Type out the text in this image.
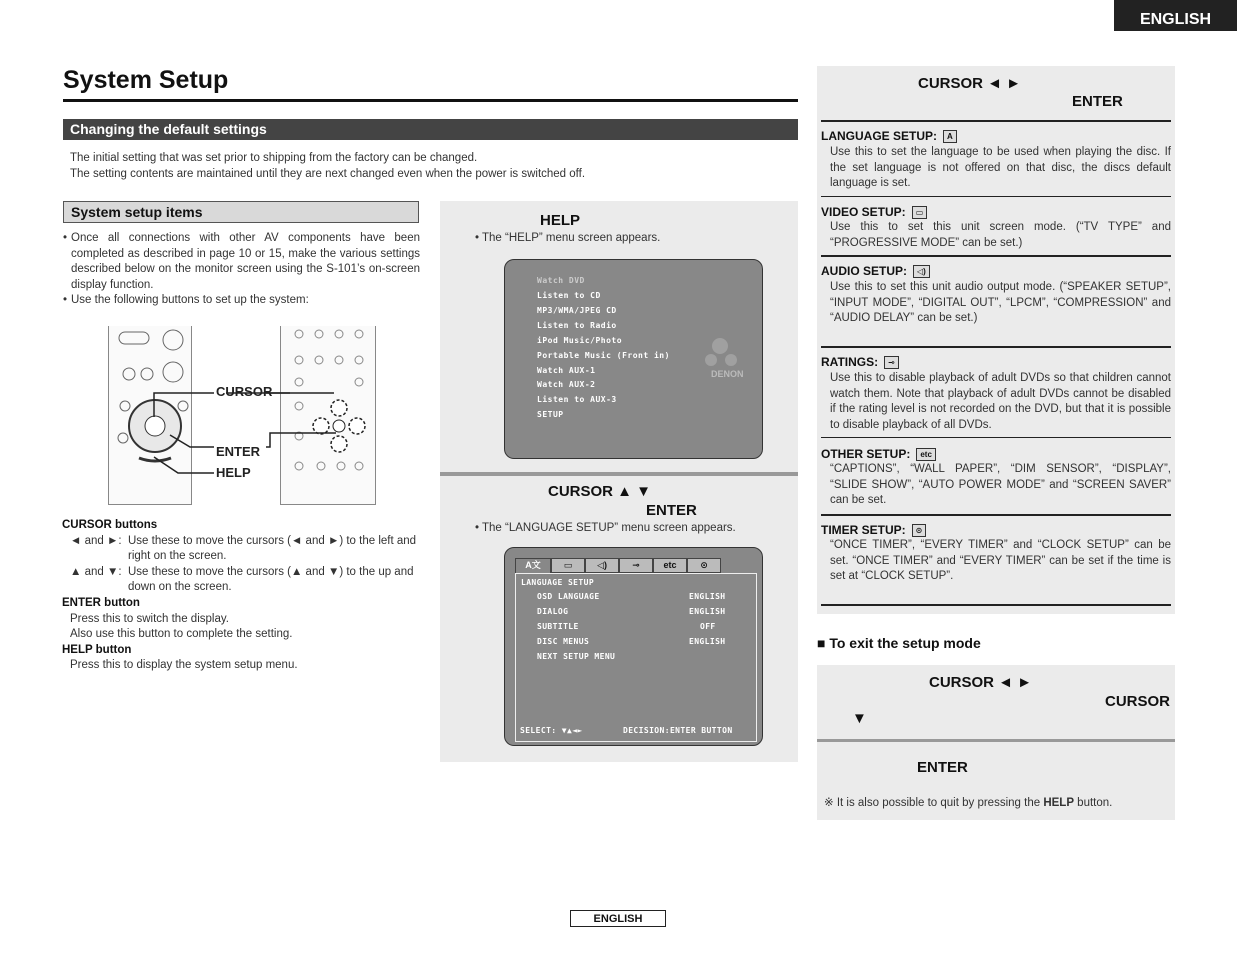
ENGLISH
System Setup
Changing the default settings
The initial setting that was set prior to shipping from the factory can be changed.
The setting contents are maintained until they are next changed even when the power is switched off.
System setup items
• Once all connections with other AV components have been completed as described in page 10 or 15, make the various settings described below on the monitor screen using the S-101’s on-screen display function.
• Use the following buttons to set up the system:
CURSOR
ENTER
HELP
CURSOR buttons
◄ and ►: Use these to move the cursors (◄ and ►) to the left and right on the screen.
▲ and ▼: Use these to move the cursors (▲ and ▼) to the up and down on the screen.
ENTER button
Press this to switch the display.
Also use this button to complete the setting.
HELP button
Press this to display the system setup menu.
HELP
• The “HELP” menu screen appears.
Watch DVD
Listen to CD
MP3/WMA/JPEG CD
Listen to Radio
iPod Music/Photo
Portable Music (Front in)
Watch AUX-1
Watch AUX-2
Listen to AUX-3
SETUP
DENON
CURSOR ▲ ▼
ENTER
• The “LANGUAGE SETUP” menu screen appears.
A文	▭	◁)	⊸	etc	⊙
LANGUAGE SETUP
OSD LANGUAGE	ENGLISH
DIALOG	ENGLISH
SUBTITLE	OFF
DISC MENUS	ENGLISH
NEXT SETUP MENU
SELECT: ▼▲◄►	DECISION:ENTER BUTTON
CURSOR ◄ ►
ENTER
LANGUAGE SETUP:	A
Use this to set the language to be used when playing the disc. If the set language is not offered on that disc, the discs default language is set.
VIDEO SETUP:	▭
Use this to set this unit screen mode. (“TV TYPE” and “PROGRESSIVE MODE” can be set.)
AUDIO SETUP:	◁)
Use this to set this unit audio output mode. (“SPEAKER SETUP”, “INPUT MODE”, “DIGITAL OUT”, “LPCM”, “COMPRESSION” and “AUDIO DELAY” can be set.)
RATINGS:	⊸
Use this to disable playback of adult DVDs so that children cannot watch them. Note that playback of adult DVDs cannot be disabled if the rating level is not recorded on the DVD, but that it is possible to disable playback of all DVDs.
OTHER SETUP:	etc
“CAPTIONS”, “WALL PAPER”, “DIM SENSOR”, “DISPLAY”, “SLIDE SHOW”, “AUTO POWER MODE” and “SCREEN SAVER” can be set.
TIMER SETUP:	⊙
“ONCE TIMER”, “EVERY TIMER” and “CLOCK SETUP” can be set. “ONCE TIMER” and “EVERY TIMER” can be set if the time is set at “CLOCK SETUP”.
■ To exit the setup mode
CURSOR ◄ ►
CURSOR
▼
ENTER
※ It is also possible to quit by pressing the HELP button.
ENGLISH
